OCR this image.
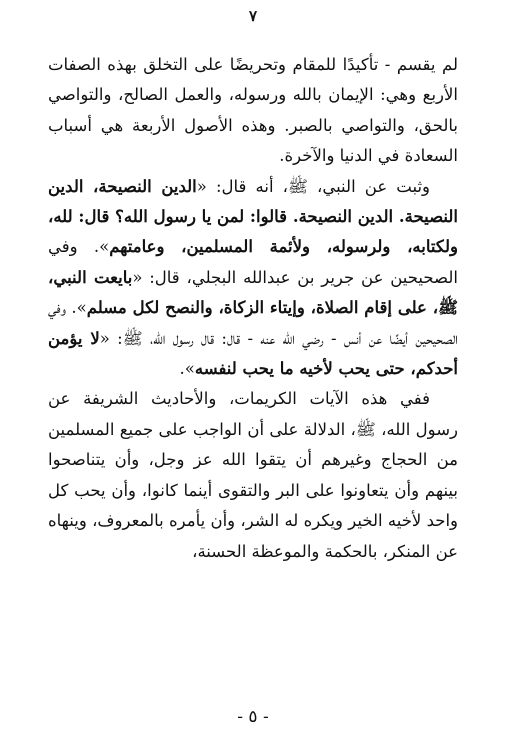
٧

لم يقسم - تأكيدًا للمقام وتحريضًا على التخلق بهذه الصفات الأربع وهي: الإيمان بالله ورسوله، والعمل الصالح، والتواصي بالحق، والتواصي بالصبر. وهذه الأصول الأربعة هي أسباب السعادة في الدنيا والآخرة.

وثبت عن النبي، ﷺ، أنه قال: «الدين النصيحة، الدين النصيحة. الدين النصيحة. قالوا: لمن يا رسول الله؟ قال: لله، ولكتابه، ولرسوله، ولأئمة المسلمين، وعامتهم». وفي الصحيحين عن جرير بن عبدالله البجلي، قال: «بايعت النبي، ﷺ، على إقام الصلاة، وإيتاء الزكاة، والنصح لكل مسلم». وفي الصحيحين أيضًا عن أنس - رضي الله عنه - قال: قال رسول الله، ﷺ: «لا يؤمن أحدكم، حتى يحب لأخيه ما يحب لنفسه».

ففي هذه الآيات الكريمات، والأحاديث الشريفة عن رسول الله، ﷺ، الدلالة على أن الواجب على جميع المسلمين من الحجاج وغيرهم أن يتقوا الله عز وجل، وأن يتناصحوا بينهم وأن يتعاونوا على البر والتقوى أينما كانوا، وأن يحب كل واحد لأخيه الخير ويكره له الشر، وأن يأمره بالمعروف، وينهاه عن المنكر، بالحكمة والموعظة الحسنة،

- ٥ -
